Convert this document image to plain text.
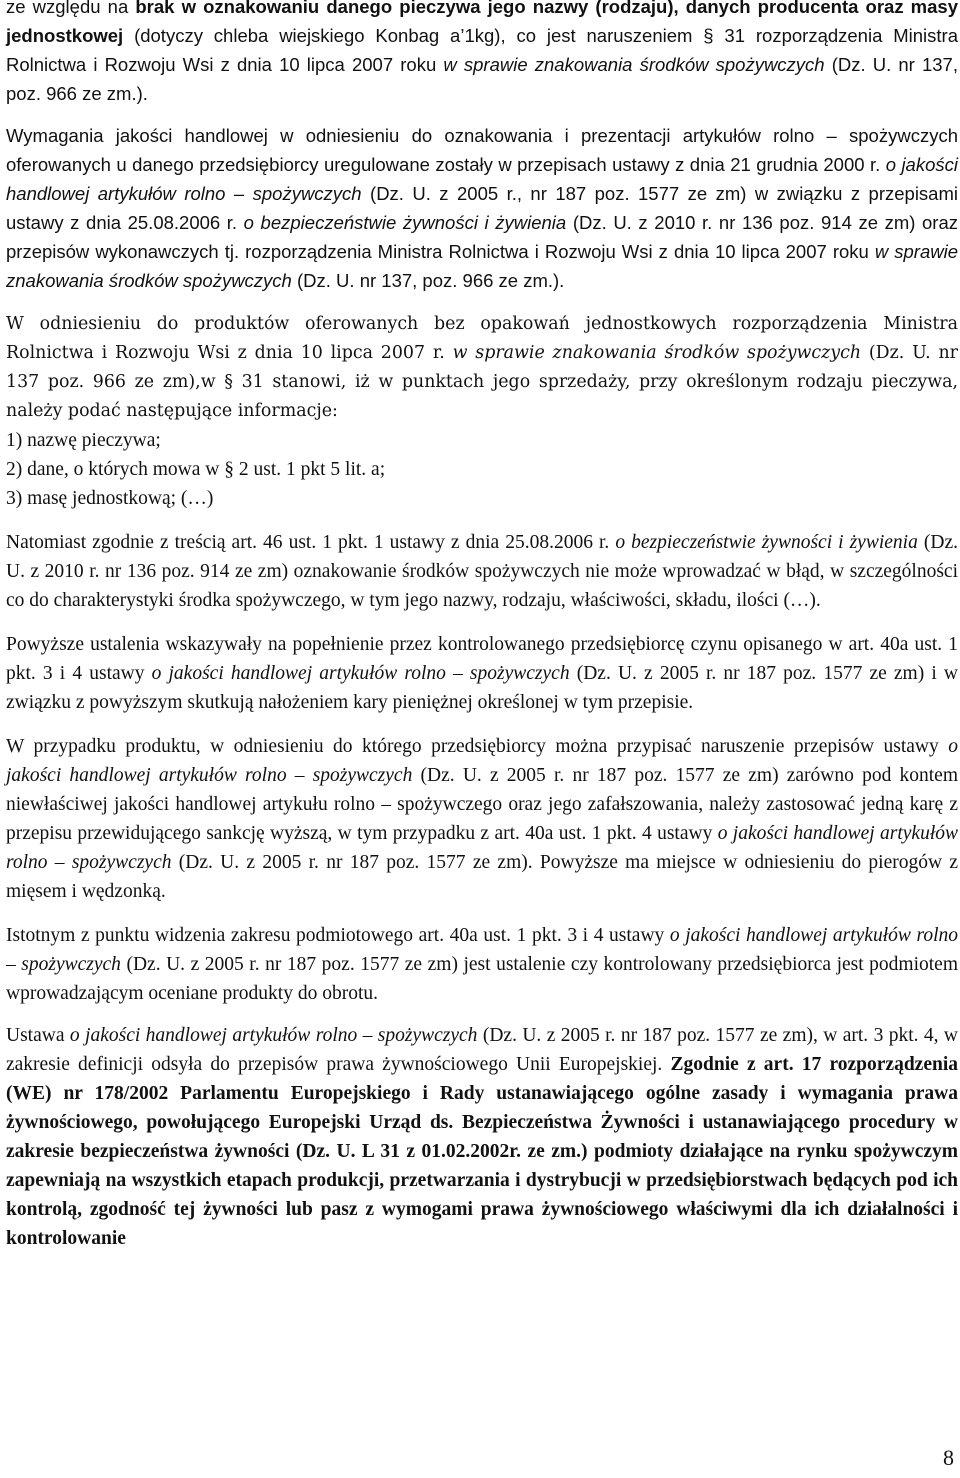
ze względu na brak w oznakowaniu danego pieczywa jego nazwy (rodzaju), danych producenta oraz masy jednostkowej (dotyczy chleba wiejskiego Konbag a’1kg), co jest naruszeniem § 31 rozporządzenia Ministra Rolnictwa i Rozwoju Wsi z dnia 10 lipca 2007 roku w sprawie znakowania środków spożywczych (Dz. U. nr 137, poz. 966 ze zm.).

Wymagania jakości handlowej w odniesieniu do oznakowania i prezentacji artykułów rolno – spożywczych oferowanych u danego przedsiębiorcy uregulowane zostały w przepisach ustawy z dnia 21 grudnia 2000 r. o jakości handlowej artykułów rolno – spożywczych (Dz. U. z 2005 r., nr 187 poz. 1577 ze zm) w związku z przepisami ustawy z dnia 25.08.2006 r. o bezpieczeństwie żywności i żywienia (Dz. U. z 2010 r. nr 136 poz. 914 ze zm) oraz przepisów wykonawczych tj. rozporządzenia Ministra Rolnictwa i Rozwoju Wsi z dnia 10 lipca 2007 roku w sprawie znakowania środków spożywczych (Dz. U. nr 137, poz. 966 ze zm.).

W odniesieniu do produktów oferowanych bez opakowań jednostkowych rozporządzenia Ministra Rolnictwa i Rozwoju Wsi z dnia 10 lipca 2007 r. w sprawie znakowania środków spożywczych (Dz. U. nr 137 poz. 966 ze zm),w § 31 stanowi, iż w punktach jego sprzedaży, przy określonym rodzaju pieczywa, należy podać następujące informacje:

1) nazwę pieczywa;

2) dane, o których mowa w § 2 ust. 1 pkt 5 lit. a;

3) masę jednostkową; (…)

Natomiast zgodnie z treścią art. 46 ust. 1 pkt. 1 ustawy z dnia 25.08.2006 r. o bezpieczeństwie żywności i żywienia (Dz. U. z 2010 r. nr 136 poz. 914 ze zm) oznakowanie środków spożywczych nie może wprowadzać w błąd, w szczególności co do charakterystyki środka spożywczego, w tym jego nazwy, rodzaju, właściwości, składu, ilości (…).

Powyższe ustalenia wskazywały na popełnienie przez kontrolowanego przedsiębiorcę czynu opisanego w art. 40a ust. 1 pkt. 3 i 4 ustawy o jakości handlowej artykułów rolno – spożywczych (Dz. U. z 2005 r. nr 187 poz. 1577 ze zm) i w związku z powyższym skutkują nałożeniem kary pieniężnej określonej w tym przepisie.

W przypadku produktu, w odniesieniu do którego przedsiębiorcy można przypisać naruszenie przepisów ustawy o jakości handlowej artykułów rolno – spożywczych (Dz. U. z 2005 r. nr 187 poz. 1577 ze zm) zarówno pod kontem niewłaściwej jakości handlowej artykułu rolno – spożywczego oraz jego zafałszowania, należy zastosować jedną karę z przepisu przewidującego sankcję wyższą, w tym przypadku z art. 40a ust. 1 pkt. 4 ustawy o jakości handlowej artykułów rolno – spożywczych (Dz. U. z 2005 r. nr 187 poz. 1577 ze zm). Powyższe ma miejsce w odniesieniu do pierogów z mięsem i wędzonką.

Istotnym z punktu widzenia zakresu podmiotowego art. 40a ust. 1 pkt. 3 i 4 ustawy o jakości handlowej artykułów rolno – spożywczych (Dz. U. z 2005 r. nr 187 poz. 1577 ze zm) jest ustalenie czy kontrolowany przedsiębiorca jest podmiotem wprowadzającym oceniane produkty do obrotu.

Ustawa o jakości handlowej artykułów rolno – spożywczych (Dz. U. z 2005 r. nr 187 poz. 1577 ze zm), w art. 3 pkt. 4, w zakresie definicji odsyła do przepisów prawa żywnościowego Unii Europejskiej. Zgodnie z art. 17 rozporządzenia (WE) nr 178/2002 Parlamentu Europejskiego i Rady ustanawiającego ogólne zasady i wymagania prawa żywnościowego, powołującego Europejski Urząd ds. Bezpieczeństwa Żywności i ustanawiającego procedury w zakresie bezpieczeństwa żywności (Dz. U. L 31 z 01.02.2002r. ze zm.) podmioty działające na rynku spożywczym zapewniają na wszystkich etapach produkcji, przetwarzania i dystrybucji w przedsiębiorstwach będących pod ich kontrolą, zgodność tej żywności lub pasz z wymogami prawa żywnościowego właściwymi dla ich działalności i kontrolowanie

8
